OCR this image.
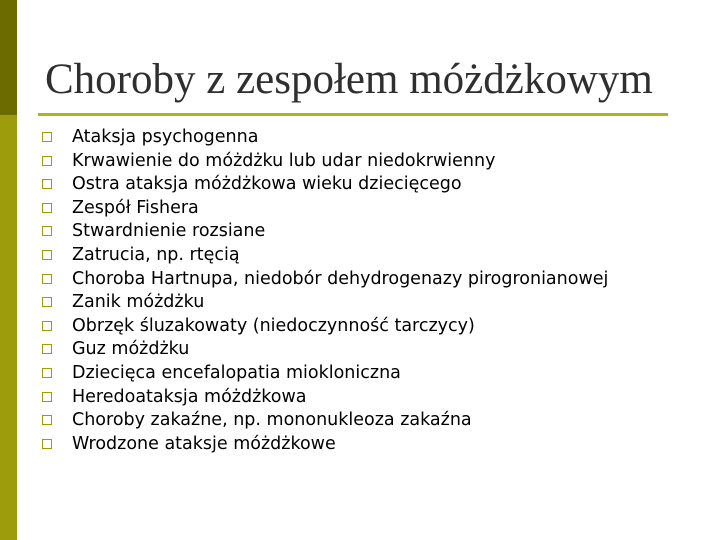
Choroby z zespołem móżdżkowym
Ataksja psychogenna
Krwawienie do móżdżku lub udar niedokrwienny
Ostra ataksja móżdżkowa wieku dziecięcego
Zespół Fishera
Stwardnienie rozsiane
Zatrucia, np. rtęcią
Choroba Hartnupa, niedobór dehydrogenazy pirogronianowej
Zanik móżdżku
Obrzęk śluzakowaty (niedoczynność tarczycy)
Guz móżdżku
Dziecięca encefalopatia miokloniczna
Heredoataksja móżdżkowa
Choroby zakaźne, np. mononukleoza zakaźna
Wrodzone ataksje móżdżkowe
